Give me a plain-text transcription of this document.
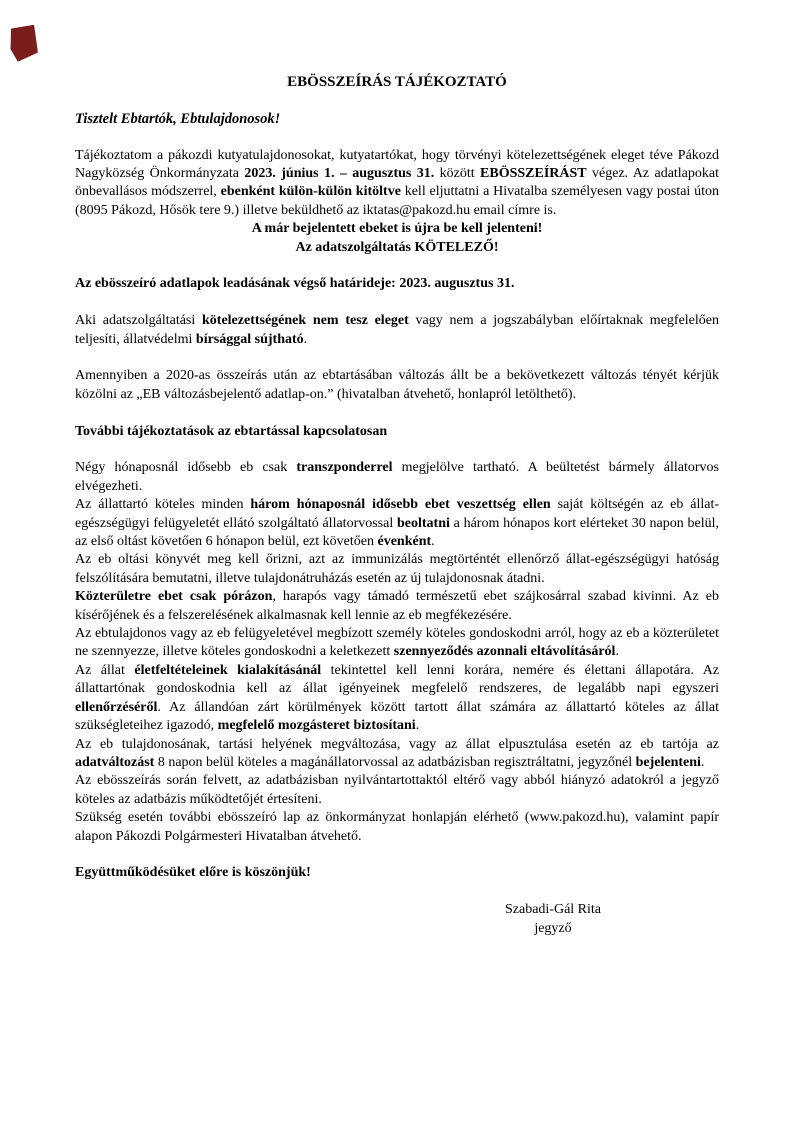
EBÖSSZEÍRÁS TÁJÉKOZTATÓ

Tisztelt Ebtartók, Ebtulajdonosok!

Tájékoztatom a pákozdi kutyatulajdonosokat, kutyatartókat, hogy törvényi kötelezettségének eleget téve Pákozd Nagyközség Önkormányzata 2023. június 1. – augusztus 31. között EBÖSSZEÍRÁST végez. Az adatlapokat önbevallásos módszerrel, ebenként külön-külön kitöltve kell eljuttatni a Hivatalba személyesen vagy postai úton (8095 Pákozd, Hősök tere 9.) illetve beküldhető az iktatas@pakozd.hu email címre is.

A már bejelentett ebeket is újra be kell jelenteni!

Az adatszolgáltatás KÖTELEZŐ!

Az ebösszeíró adatlapok leadásának végső határideje: 2023. augusztus 31.

Aki adatszolgáltatási kötelezettségének nem tesz eleget vagy nem a jogszabályban előírtaknak megfelelően teljesíti, állatvédelmi bírsággal sújtható.

Amennyiben a 2020-as összeírás után az ebtartásában változás állt be a bekövetkezett változás tényét kérjük közölni az „EB változásbejelentő adatlap-on.” (hivatalban átvehető, honlapról letölthető).

További tájékoztatások az ebtartással kapcsolatosan

Négy hónaposnál idősebb eb csak transzponderrel megjelölve tartható. A beültetést bármely állatorvos elvégezheti.

Az állattartó köteles minden három hónaposnál idősebb ebet veszettség ellen saját költségén az eb állat-egészségügyi felügyeletét ellátó szolgáltató állatorvossal beoltatni a három hónapos kort elérteket 30 napon belül, az első oltást követően 6 hónapon belül, ezt követően évenként.

Az eb oltási könyvét meg kell őrizni, azt az immunizálás megtörténtét ellenőrző állat-egészségügyi hatóság felszólítására bemutatni, illetve tulajdonátruházás esetén az új tulajdonosnak átadni.

Közterületre ebet csak pórázon, harapós vagy támadó természetű ebet szájkosárral szabad kivinni. Az eb kísérőjének és a felszerelésének alkalmasnak kell lennie az eb megfékezésére.

Az ebtulajdonos vagy az eb felügyeletével megbízott személy köteles gondoskodni arról, hogy az eb a közterületet ne szennyezze, illetve köteles gondoskodni a keletkezett szennyeződés azonnali eltávolításáról.

Az állat életfeltételeinek kialakításánál tekintettel kell lenni korára, nemére és élettani állapotára. Az állattartónak gondoskodnia kell az állat igényeinek megfelelő rendszeres, de legalább napi egyszeri ellenőrzéséről. Az állandóan zárt körülmények között tartott állat számára az állattartó köteles az állat szükségleteihez igazodó, megfelelő mozgásteret biztosítani.

Az eb tulajdonosának, tartási helyének megváltozása, vagy az állat elpusztulása esetén az eb tartója az adatváltozást 8 napon belül köteles a magánállatorvossal az adatbázisban regisztráltatni, jegyzőnél bejelenteni.

Az ebösszeírás során felvett, az adatbázisban nyilvántartottaktól eltérő vagy abból hiányzó adatokról a jegyző köteles az adatbázis működtetőjét értesíteni.

Szükség esetén további ebösszeíró lap az önkormányzat honlapján elérhető (www.pakozd.hu), valamint papír alapon Pákozdi Polgármesteri Hivatalban átvehető.

Együttműködésüket előre is köszönjük!

Szabadi-Gál Rita

jegyző
